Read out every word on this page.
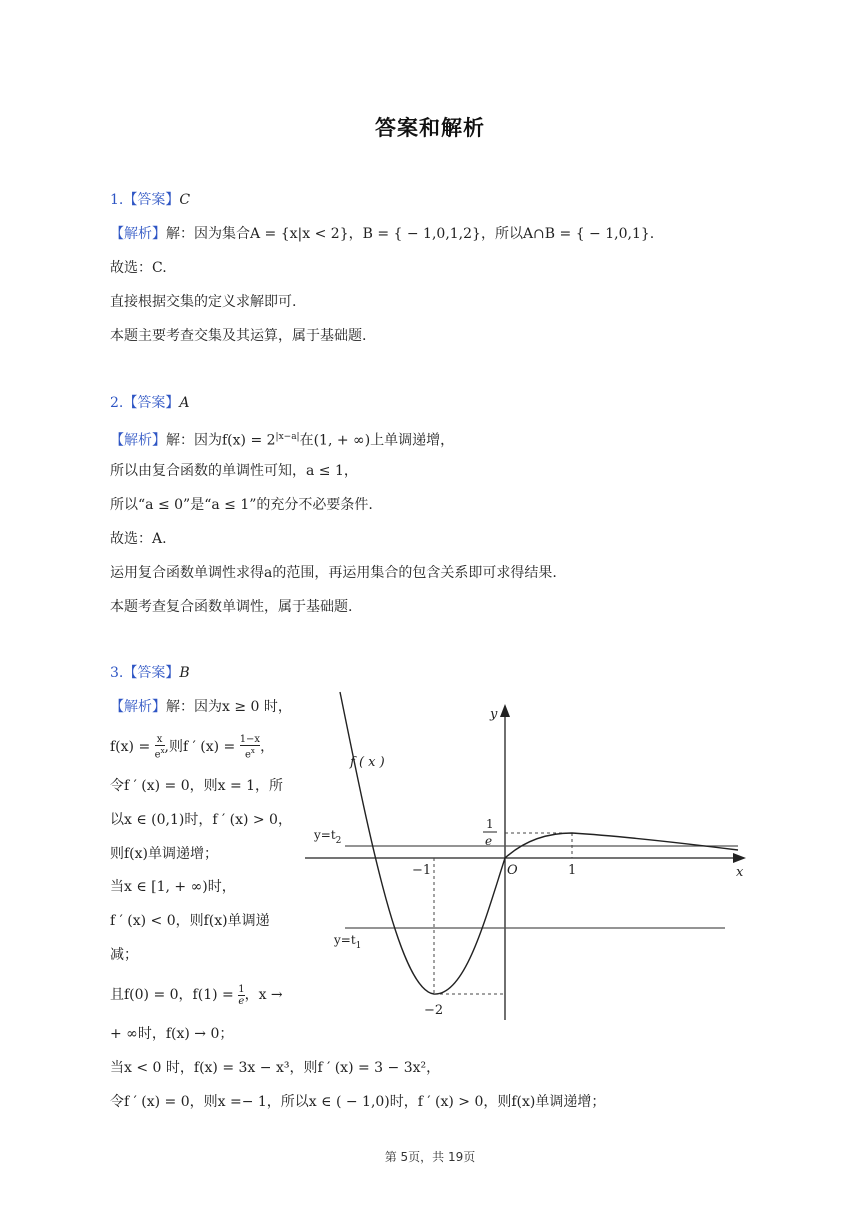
答案和解析
1.【答案】C
【解析】解：因为集合A = {x|x < 2}，B = { − 1,0,1,2}，所以A∩B = { − 1,0,1}.
故选：C.
直接根据交集的定义求解即可.
本题主要考查交集及其运算，属于基础题.
2.【答案】A
【解析】解：因为$f(x) = 2^{|x-a|}$在(1, + ∞)上单调递增，
所以由复合函数的单调性可知，a ≤ 1，
所以“a ≤ 0”是“a ≤ 1”的充分不必要条件.
故选：A.
运用复合函数单调性求得a的范围，再运用集合的包含关系即可求得结果.
本题考查复合函数单调性，属于基础题.
3.【答案】B
【解析】解：因为x ≥ 0 时，
$f(x) = \frac{x}{e^x}$ ,则f ′ $(x) = \frac{1-x}{e^x}$ ，
令f ′ (x) = 0，则x = 1，所
以x ∈ (0,1)时，f ′ (x) > 0，
则f(x)单调递增；
当x ∈ [1, + ∞)时，
f ′ (x) < 0，则f(x)单调递
减；
且f(0) = 0，$f(1) = \frac{1}{e}$ ，x →
+ ∞时，f(x) → 0；
当x < 0 时，f(x) = 3x − x³，则f ′ (x) = 3 − 3x²，
令f ′ (x) = 0，则x =− 1，所以x ∈ ( − 1,0)时，f ′ (x) > 0，则f(x)单调递增；
y
x
f ( x )
$y=t_2$
$y=t_1$
1
e
O
−1	1
−2
第 5页，共 19页
